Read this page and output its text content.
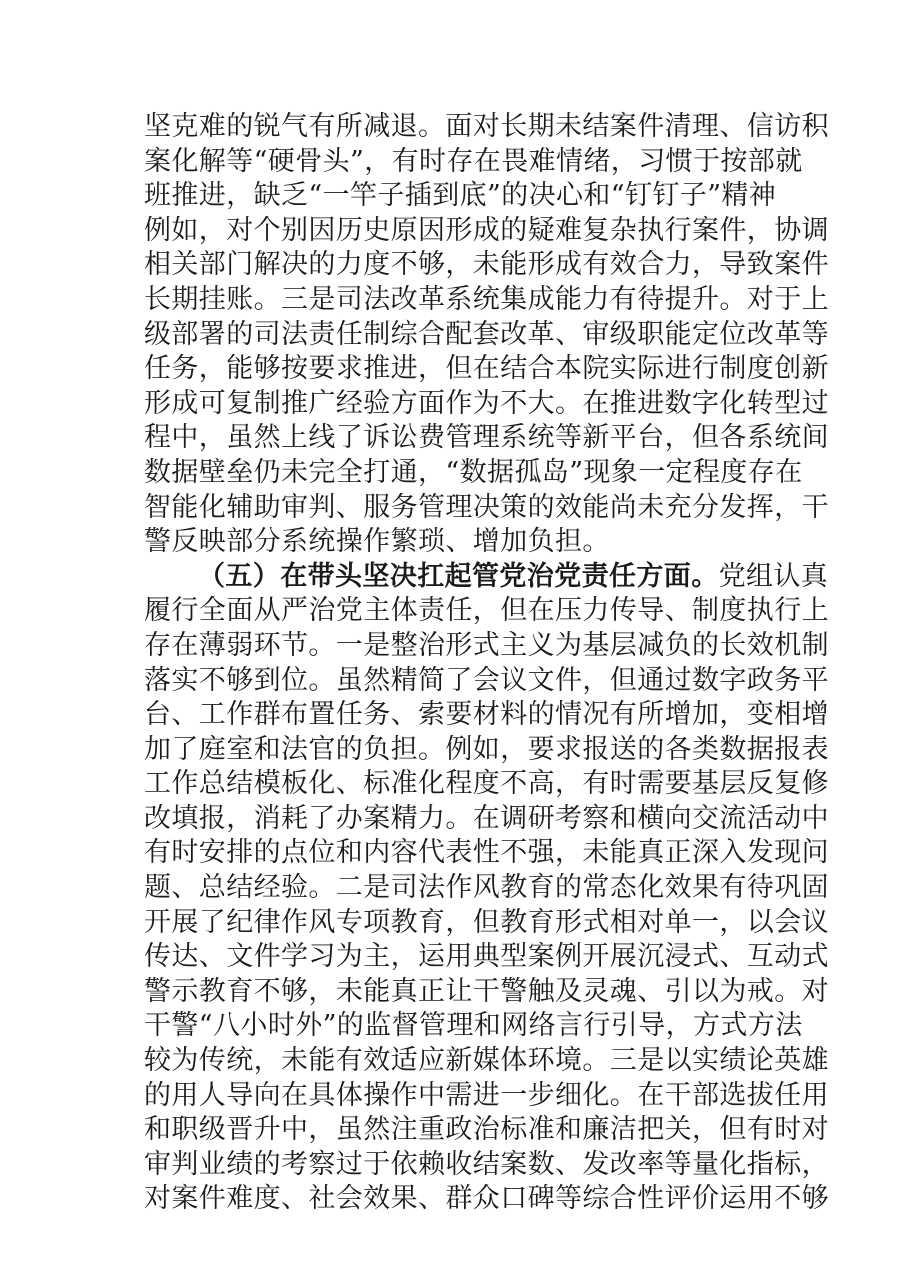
坚克难的锐气有所减退。面对长期未结案件清理、信访积
案化解等“硬骨头”，有时存在畏难情绪，习惯于按部就
班推进，缺乏“一竿子插到底”的决心和“钉钉子”精神
例如，对个别因历史原因形成的疑难复杂执行案件，协调
相关部门解决的力度不够，未能形成有效合力，导致案件
长期挂账。三是司法改革系统集成能力有待提升。对于上
级部署的司法责任制综合配套改革、审级职能定位改革等
任务，能够按要求推进，但在结合本院实际进行制度创新
形成可复制推广经验方面作为不大。在推进数字化转型过
程中，虽然上线了诉讼费管理系统等新平台，但各系统间
数据壁垒仍未完全打通，“数据孤岛”现象一定程度存在
智能化辅助审判、服务管理决策的效能尚未充分发挥，干
警反映部分系统操作繁琐、增加负担。
（五）在带头坚决扛起管党治党责任方面。党组认真
履行全面从严治党主体责任，但在压力传导、制度执行上
存在薄弱环节。一是整治形式主义为基层减负的长效机制
落实不够到位。虽然精简了会议文件，但通过数字政务平
台、工作群布置任务、索要材料的情况有所增加，变相增
加了庭室和法官的负担。例如，要求报送的各类数据报表
工作总结模板化、标准化程度不高，有时需要基层反复修
改填报，消耗了办案精力。在调研考察和横向交流活动中
有时安排的点位和内容代表性不强，未能真正深入发现问
题、总结经验。二是司法作风教育的常态化效果有待巩固
开展了纪律作风专项教育，但教育形式相对单一，以会议
传达、文件学习为主，运用典型案例开展沉浸式、互动式
警示教育不够，未能真正让干警触及灵魂、引以为戒。对
干警“八小时外”的监督管理和网络言行引导，方式方法
较为传统，未能有效适应新媒体环境。三是以实绩论英雄
的用人导向在具体操作中需进一步细化。在干部选拔任用
和职级晋升中，虽然注重政治标准和廉洁把关，但有时对
审判业绩的考察过于依赖收结案数、发改率等量化指标，
对案件难度、社会效果、群众口碑等综合性评价运用不够
